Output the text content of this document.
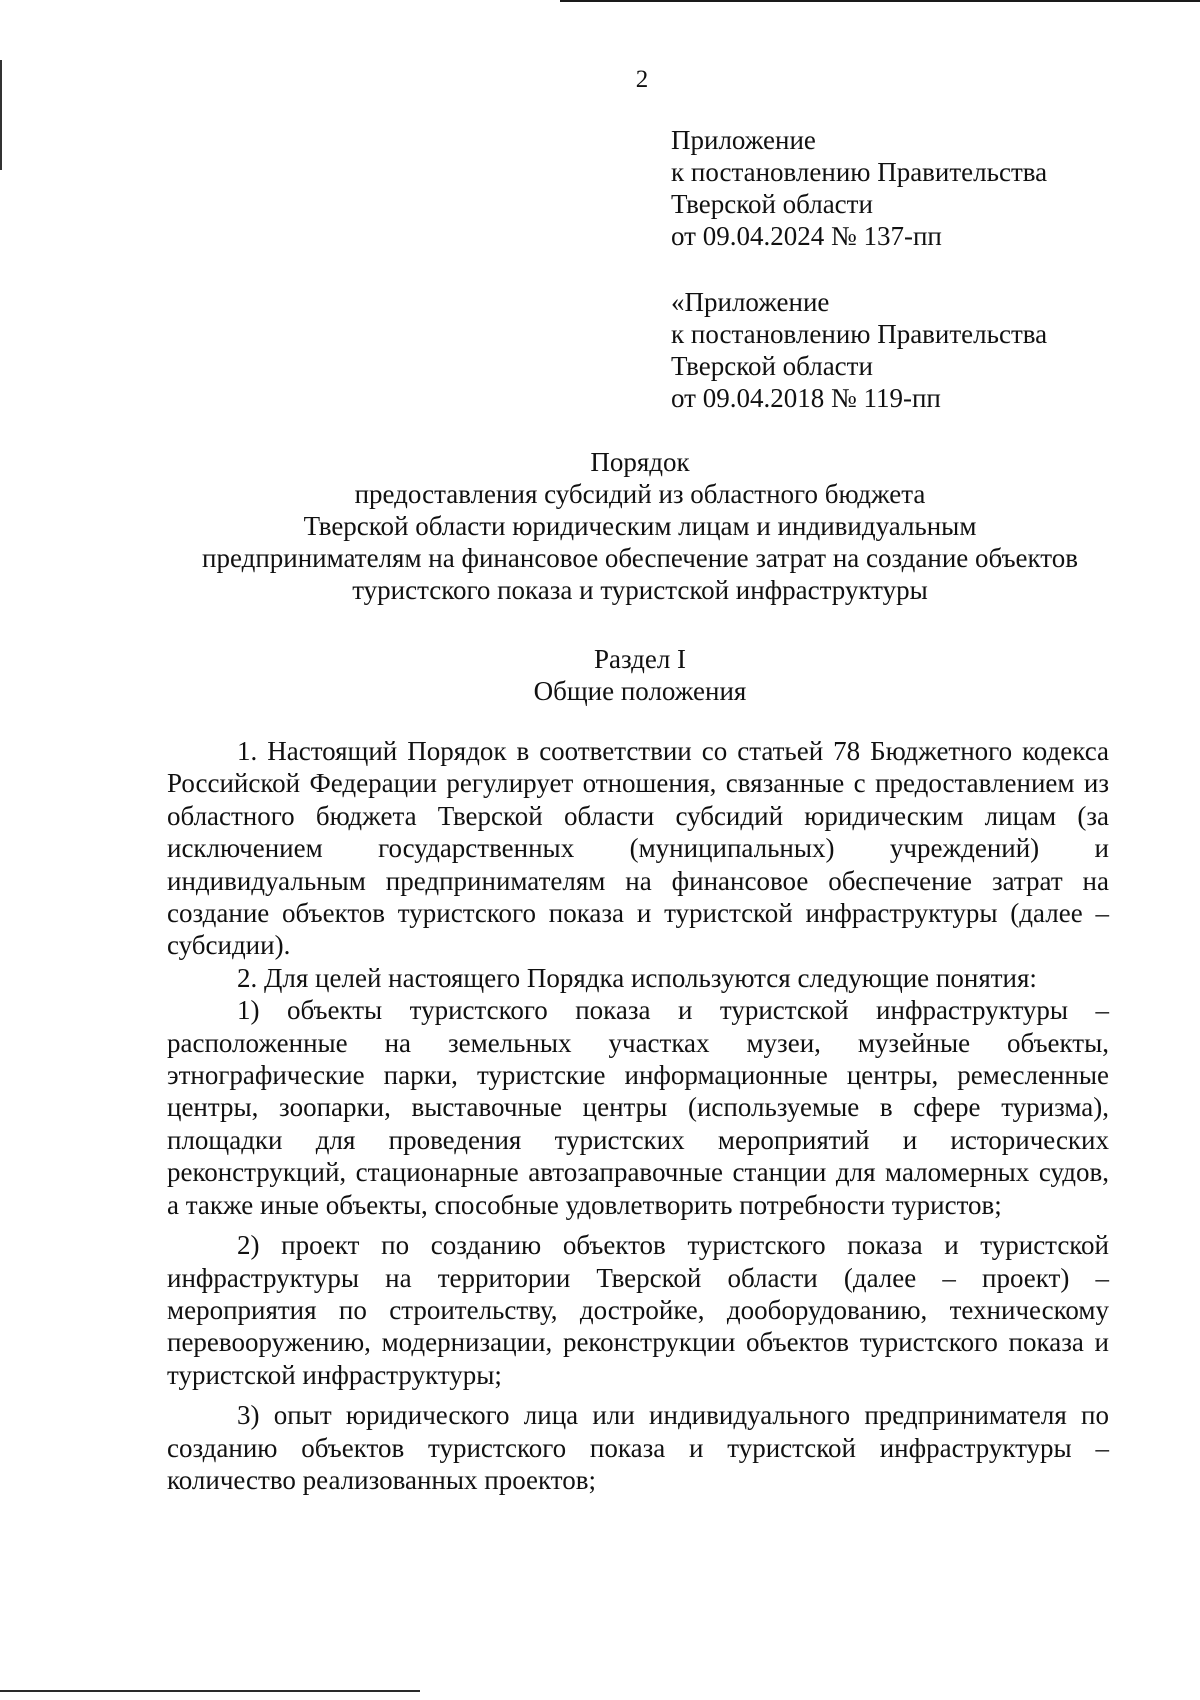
2
Приложение
к постановлению Правительства
Тверской области
от 09.04.2024 № 137-пп
«Приложение
к постановлению Правительства
Тверской области
от 09.04.2018 № 119-пп
Порядок
предоставления субсидий из областного бюджета
Тверской области юридическим лицам и индивидуальным
предпринимателям на финансовое обеспечение затрат на создание объектов
туристского показа и туристской инфраструктуры
Раздел I
Общие положения

1. Настоящий Порядок в соответствии со статьей 78 Бюджетного кодекса Российской Федерации регулирует отношения, связанные с предоставлением из областного бюджета Тверской области субсидий юридическим лицам (за исключением государственных (муниципальных) учреждений) и индивидуальным предпринимателям на финансовое обеспечение затрат на создание объектов туристского показа и туристской инфраструктуры (далее – субсидии).

2. Для целей настоящего Порядка используются следующие понятия:

1) объекты туристского показа и туристской инфраструктуры – расположенные на земельных участках музеи, музейные объекты, этнографические парки, туристские информационные центры, ремесленные центры, зоопарки, выставочные центры (используемые в сфере туризма), площадки для проведения туристских мероприятий и исторических реконструкций, стационарные автозаправочные станции для маломерных судов, а также иные объекты, способные удовлетворить потребности туристов;

2) проект по созданию объектов туристского показа и туристской инфраструктуры на территории Тверской области (далее – проект) – мероприятия по строительству, достройке, дооборудованию, техническому перевооружению, модернизации, реконструкции объектов туристского показа и туристской инфраструктуры;

3) опыт юридического лица или индивидуального предпринимателя по созданию объектов туристского показа и туристской инфраструктуры – количество реализованных проектов;
